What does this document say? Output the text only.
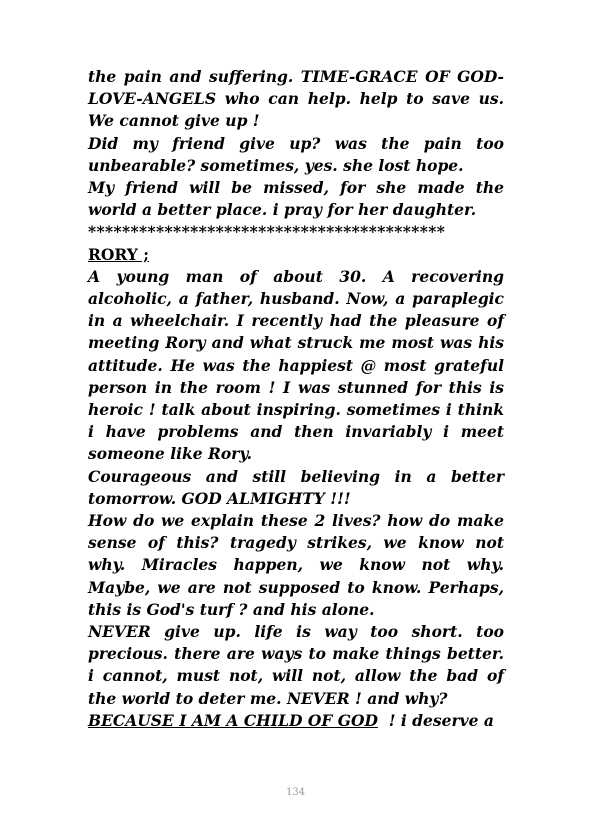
the pain and suffering. TIME-GRACE OF GOD-LOVE-ANGELS who can help. help to save us. We cannot give up !

Did my friend give up? was the pain too unbearable? sometimes, yes. she lost hope.

My friend will be missed, for she made the world a better place. i pray for her daughter.

******************************************

RORY ;

A young man of about 30. A recovering alcoholic, a father, husband. Now, a paraplegic in a wheelchair. I recently had the pleasure of meeting Rory and what struck me most was his attitude. He was the happiest @ most grateful person in the room ! I was stunned for this is heroic ! talk about inspiring. sometimes i think i have problems and then invariably i meet someone like Rory.

Courageous and still believing in a better tomorrow. GOD ALMIGHTY !!!

How do we explain these 2 lives? how do make sense of this? tragedy strikes, we know not why. Miracles happen, we know not why. Maybe, we are not supposed to know. Perhaps, this is God's turf ? and his alone.

NEVER give up. life is way too short. too precious. there are ways to make things better. i cannot, must not, will not, allow the bad of the world to deter me. NEVER ! and why?

BECAUSE I AM A CHILD OF GOD  ! i deserve a

134
